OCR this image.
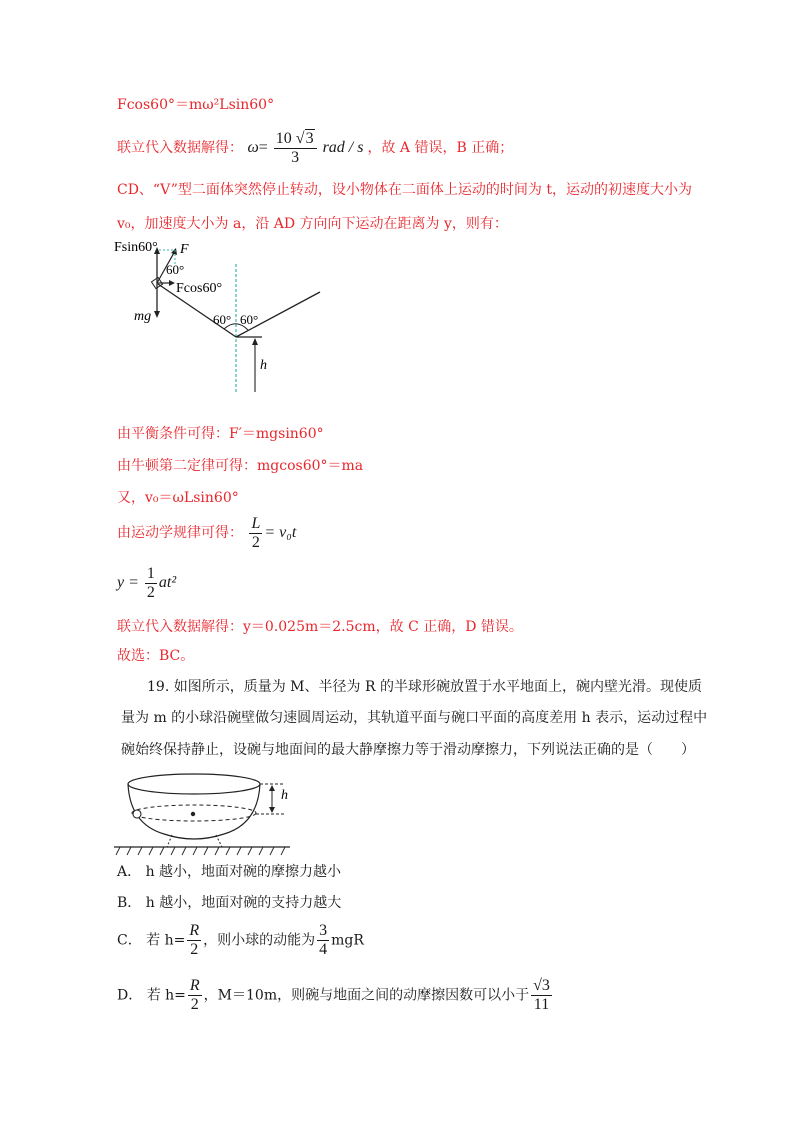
Fcos60°＝mω²Lsin60°
联立代入数据解得： $\omega= \frac{10 √3}{3}$ rad / s ，故 A 错误，B 正确；
CD、“V”型二面体突然停止转动，设小物体在二面体上运动的时间为 t，运动的初速度大小为
v₀，加速度大小为 a，沿 AD 方向向下运动在距离为 y，则有：
Fsin60° F
60°
Fcos60°
mg	60° 60°
h
由平衡条件可得：F′＝mgsin60°
由牛顿第二定律可得：mgcos60°＝ma
又，v₀＝ωLsin60°
由运动学规律可得： $\frac{L}{2} = v_0t$
$y = \frac{1}{2} at^2$
联立代入数据解得：y＝0.025m＝2.5cm，故 C 正确，D 错误。
故选：BC。
19. 如图所示，质量为 M、半径为 R 的半球形碗放置于水平地面上，碗内壁光滑。现使质
量为 m 的小球沿碗壁做匀速圆周运动，其轨道平面与碗口平面的高度差用 h 表示，运动过程中
碗始终保持静止，设碗与地面间的最大静摩擦力等于滑动摩擦力，下列说法正确的是（　　）
h
A． h 越小，地面对碗的摩擦力越小
B． h 越小，地面对碗的支持力越大
C． 若 $h= \frac{R}{2}$ ，则小球的动能为 $\frac{3}{4}$ mgR
D． 若 $h= \frac{R}{2}$ ，M＝10m，则碗与地面之间的动摩擦因数可以小于 $\frac{√3}{11}$
